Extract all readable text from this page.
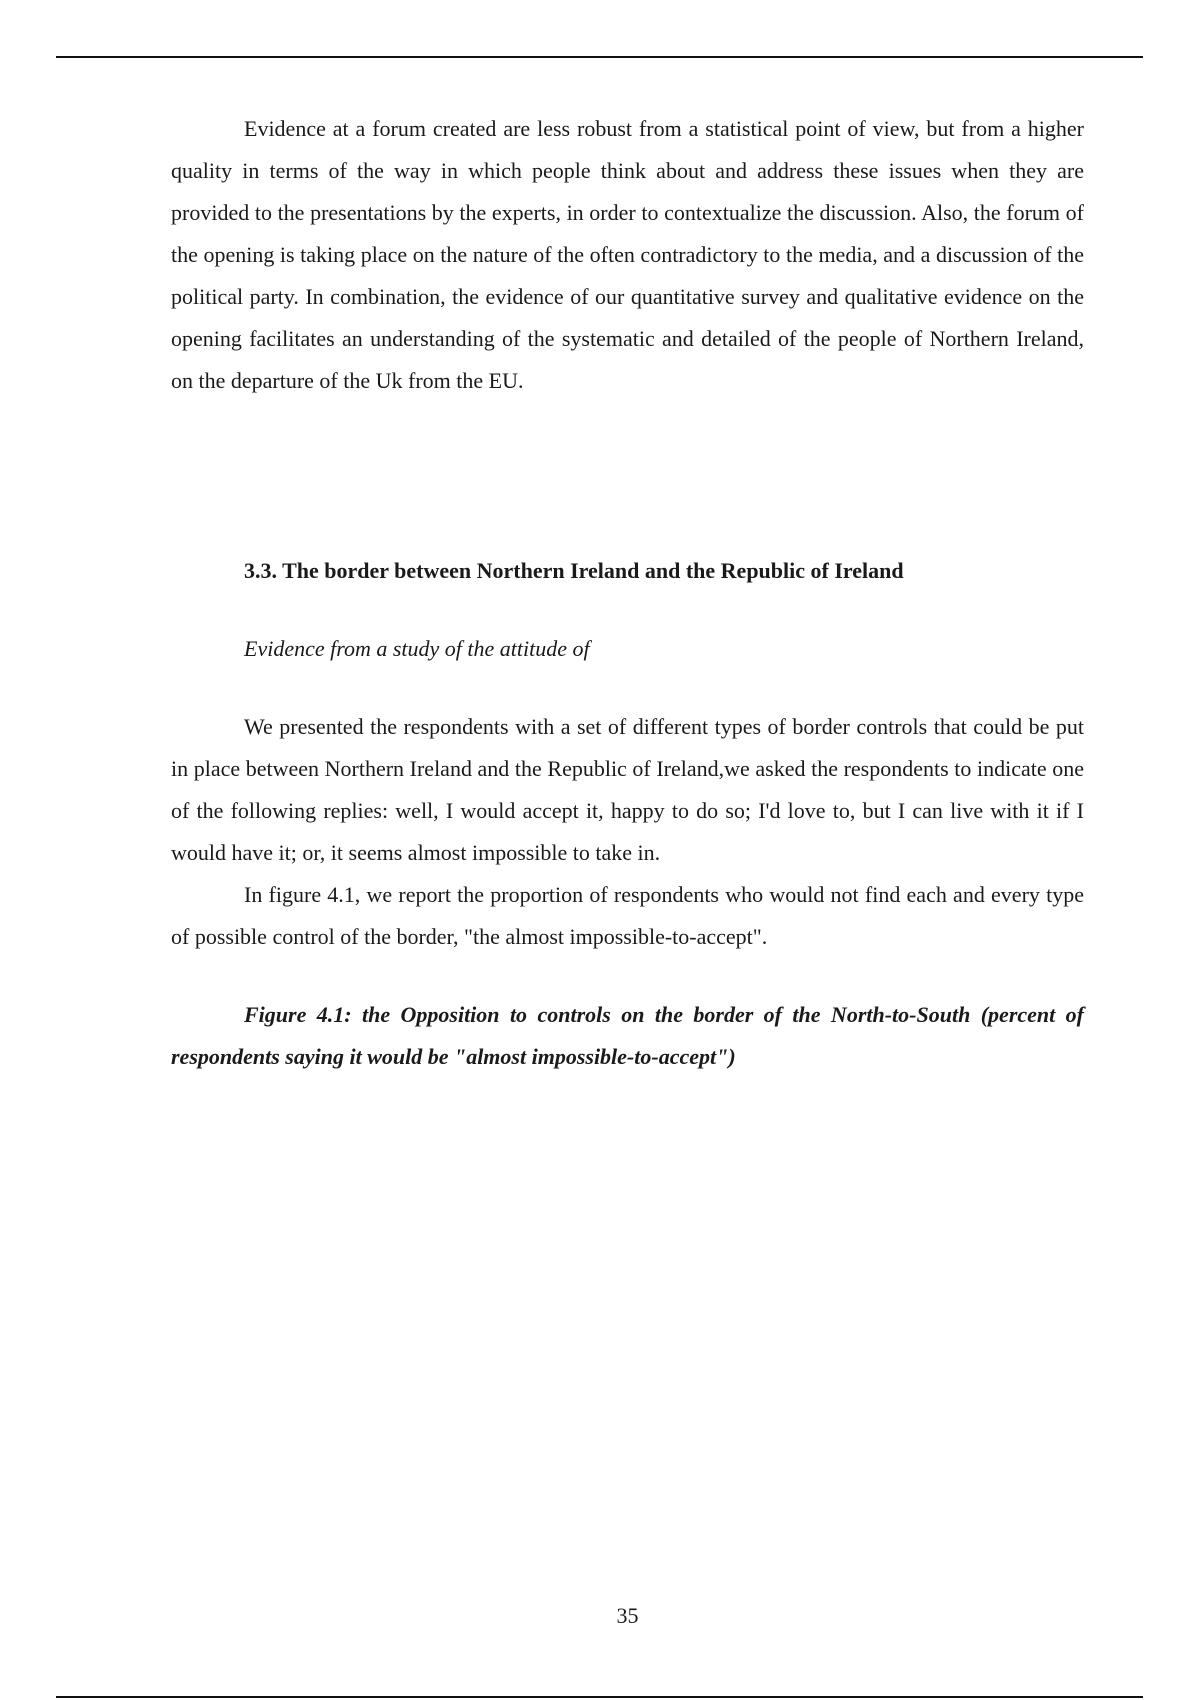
Evidence at a forum created are less robust from a statistical point of view, but from a higher quality in terms of the way in which people think about and address these issues when they are provided to the presentations by the experts, in order to contextualize the discussion. Also, the forum of the opening is taking place on the nature of the often contradictory to the media, and a discussion of the political party. In combination, the evidence of our quantitative survey and qualitative evidence on the opening facilitates an understanding of the systematic and detailed of the people of Northern Ireland, on the departure of the Uk from the EU.

3.3. The border between Northern Ireland and the Republic of Ireland

Evidence from a study of the attitude of

We presented the respondents with a set of different types of border controls that could be put in place between Northern Ireland and the Republic of Ireland,we asked the respondents to indicate one of the following replies: well, I would accept it, happy to do so; I'd love to, but I can live with it if I would have it; or, it seems almost impossible to take in.

In figure 4.1, we report the proportion of respondents who would not find each and every type of possible control of the border, "the almost impossible-to-accept".

Figure 4.1: the Opposition to controls on the border of the North-to-South (percent of respondents saying it would be "almost impossible-to-accept")

35
